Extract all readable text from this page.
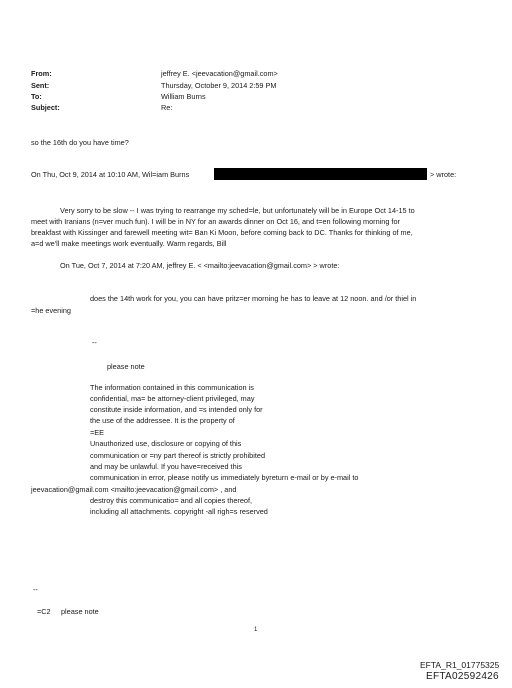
From:
Sent:
To:
Subject:
jeffrey E. <jeevacation@gmail.com>
Thursday, October 9, 2014 2:59 PM
William Burns
Re:
so the 16th do you have time?
On Thu, Oct 9, 2014 at 10:10 AM, Wil=iam Burns	> wrote:
Very sorry to be slow -- I was trying to rearrange my sched=le, but unfortunately will be in Europe Oct 14-15 to
meet with Iranians (n=ver much fun). I will be in NY for an awards dinner on Oct 16, and t=en following morning for
breakfast with Kissinger and farewell meeting wit= Ban Ki Moon, before coming back to DC. Thanks for thinking of me,
a=d we'll make meetings work eventually. Warm regards, Bill
On Tue, Oct 7, 2014 at 7:20 AM, jeffrey E. < <mailto:jeevacation@gmail.com> > wrote:
does the 14th work for you, you can have pritz=er morning he has to leave at 12 noon. and /or thiel in
=he evening
--
please note
The information contained in this communication is
confidential, ma= be attorney-client privileged, may
constitute inside information, and =s intended only for
the use of the addressee. It is the property of
=EE
Unauthorized use, disclosure or copying of this
communication or =ny part thereof is strictly prohibited
and may be unlawful. If you have=received this
communication in error, please notify us immediately byreturn e-mail or by e-mail to
jeevacation@gmail.com <mailto:jeevacation@gmail.com> , and
destroy this communicatio= and all copies thereof,
including all attachments. copyright -all righ=s reserved
--
=C2 please note
1
EFTA_R1_01775325
EFTA02592426
